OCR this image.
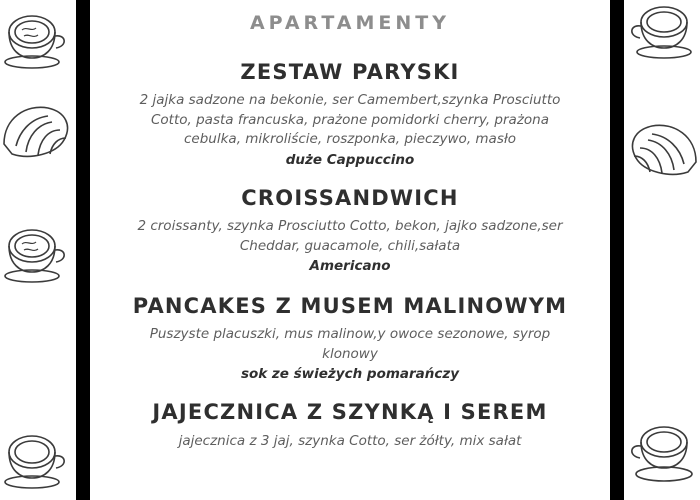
APARTAMENTY
ZESTAW PARYSKI

2 jajka sadzone na bekonie, ser Camembert,szynka Prosciutto Cotto, pasta francuska, prażone pomidorki cherry, prażona cebulka, mikroliście, roszponka, pieczywo, masło

duże Cappuccino

CROISSANDWICH

2 croissanty, szynka Prosciutto Cotto, bekon, jajko sadzone,ser Cheddar, guacamole, chili,sałata

Americano

PANCAKES Z MUSEM MALINOWYM

Puszyste placuszki, mus malinow,y owoce sezonowe, syrop klonowy

sok ze świeżych pomarańczy

JAJECZNICA Z SZYNKĄ I SEREM

jajecznica z 3 jaj, szynka Cotto, ser żółty, mix sałat
